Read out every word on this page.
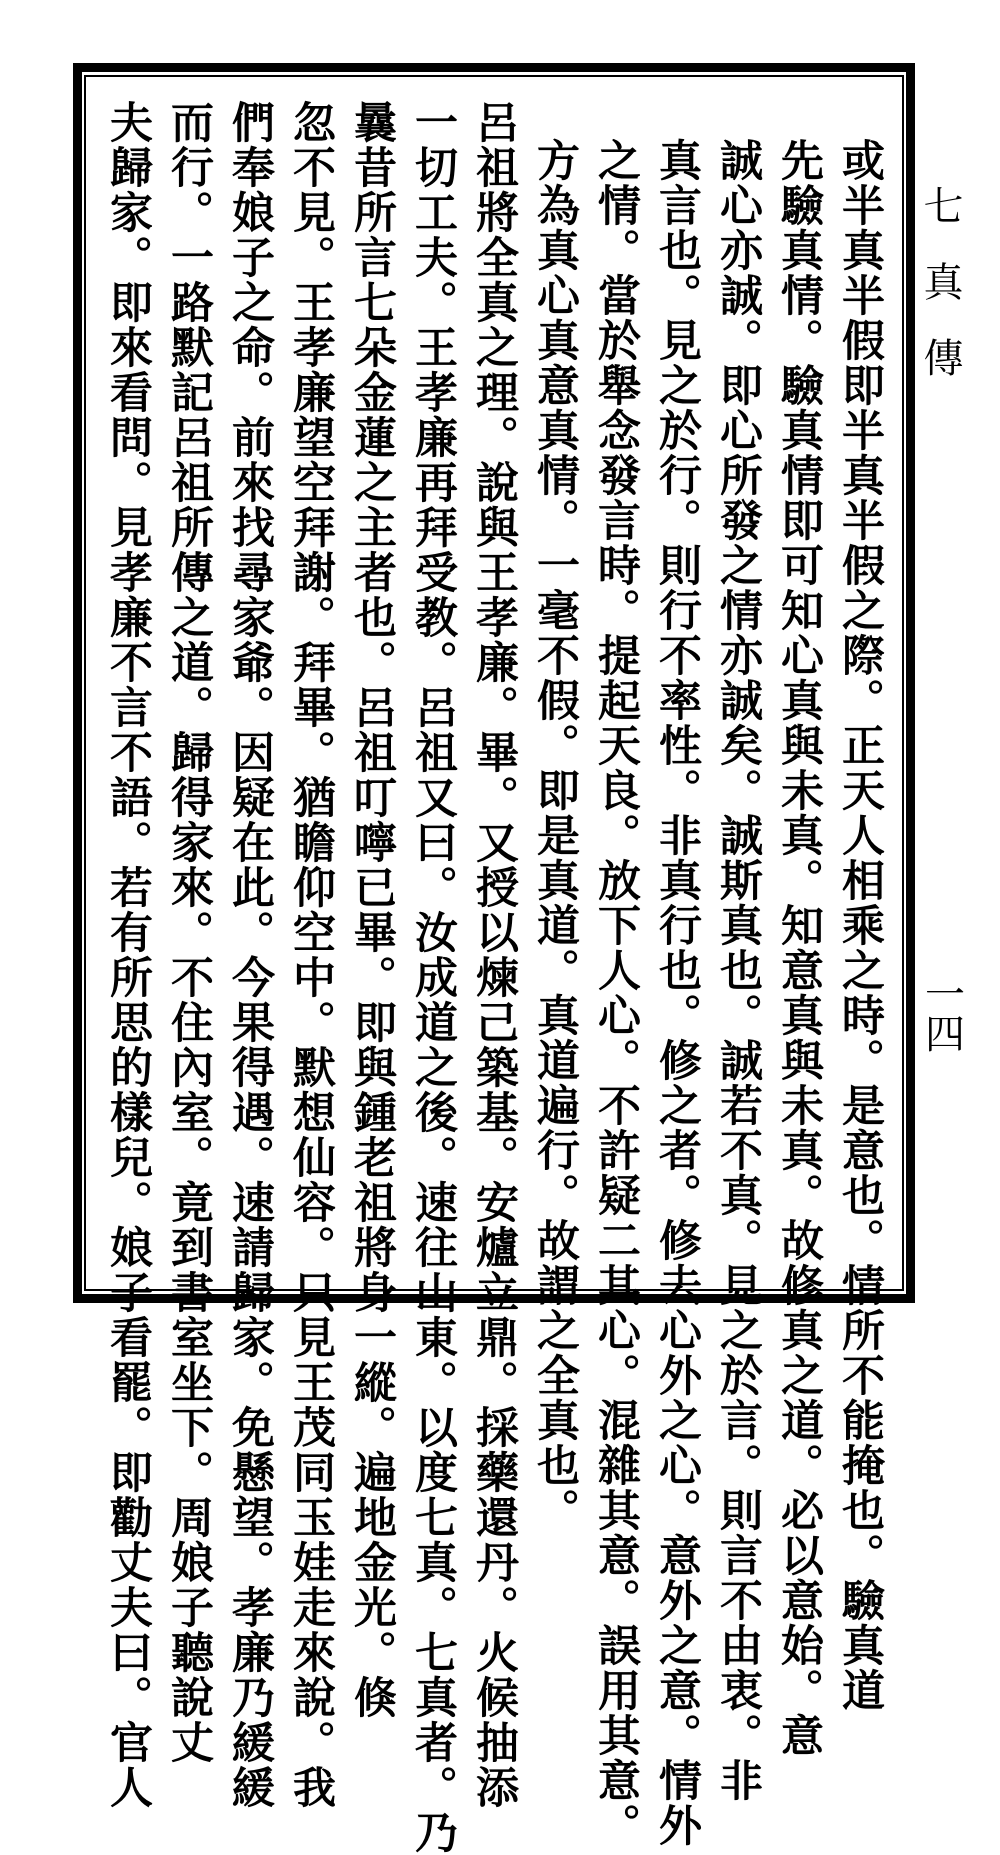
七真傳
一四
或半真半假即半真半假之際。正天人相乘之時。是意也。情所不能掩也。驗真道
先驗真情。驗真情即可知心真與未真。知意真與未真。故修真之道。必以意始。意
誠心亦誠。即心所發之情亦誠矣。誠斯真也。誠若不真。見之於言。則言不由衷。非
真言也。見之於行。則行不率性。非真行也。修之者。修去心外之心。意外之意。情外
之情。當於舉念發言時。提起天良。放下人心。不許疑二其心。混雜其意。誤用其意。
方為真心真意真情。一毫不假。即是真道。真道遍行。故謂之全真也。
呂祖將全真之理。說與王孝廉。畢。又授以煉己築基。安爐立鼎。採藥還丹。火候抽添
一切工夫。王孝廉再拜受教。呂祖又曰。汝成道之後。速往山東。以度七真。七真者。乃
曩昔所言七朵金蓮之主者也。呂祖叮嚀已畢。即與鍾老祖將身一縱。遍地金光。倏
忽不見。王孝廉望空拜謝。拜畢。猶瞻仰空中。默想仙容。只見王茂同玉娃走來說。我
們奉娘子之命。前來找尋家爺。因疑在此。今果得遇。速請歸家。免懸望。孝廉乃緩緩
而行。一路默記呂祖所傳之道。歸得家來。不住內室。竟到書室坐下。周娘子聽說丈
夫歸家。即來看問。見孝廉不言不語。若有所思的樣兒。娘子看罷。即勸丈夫曰。官人
